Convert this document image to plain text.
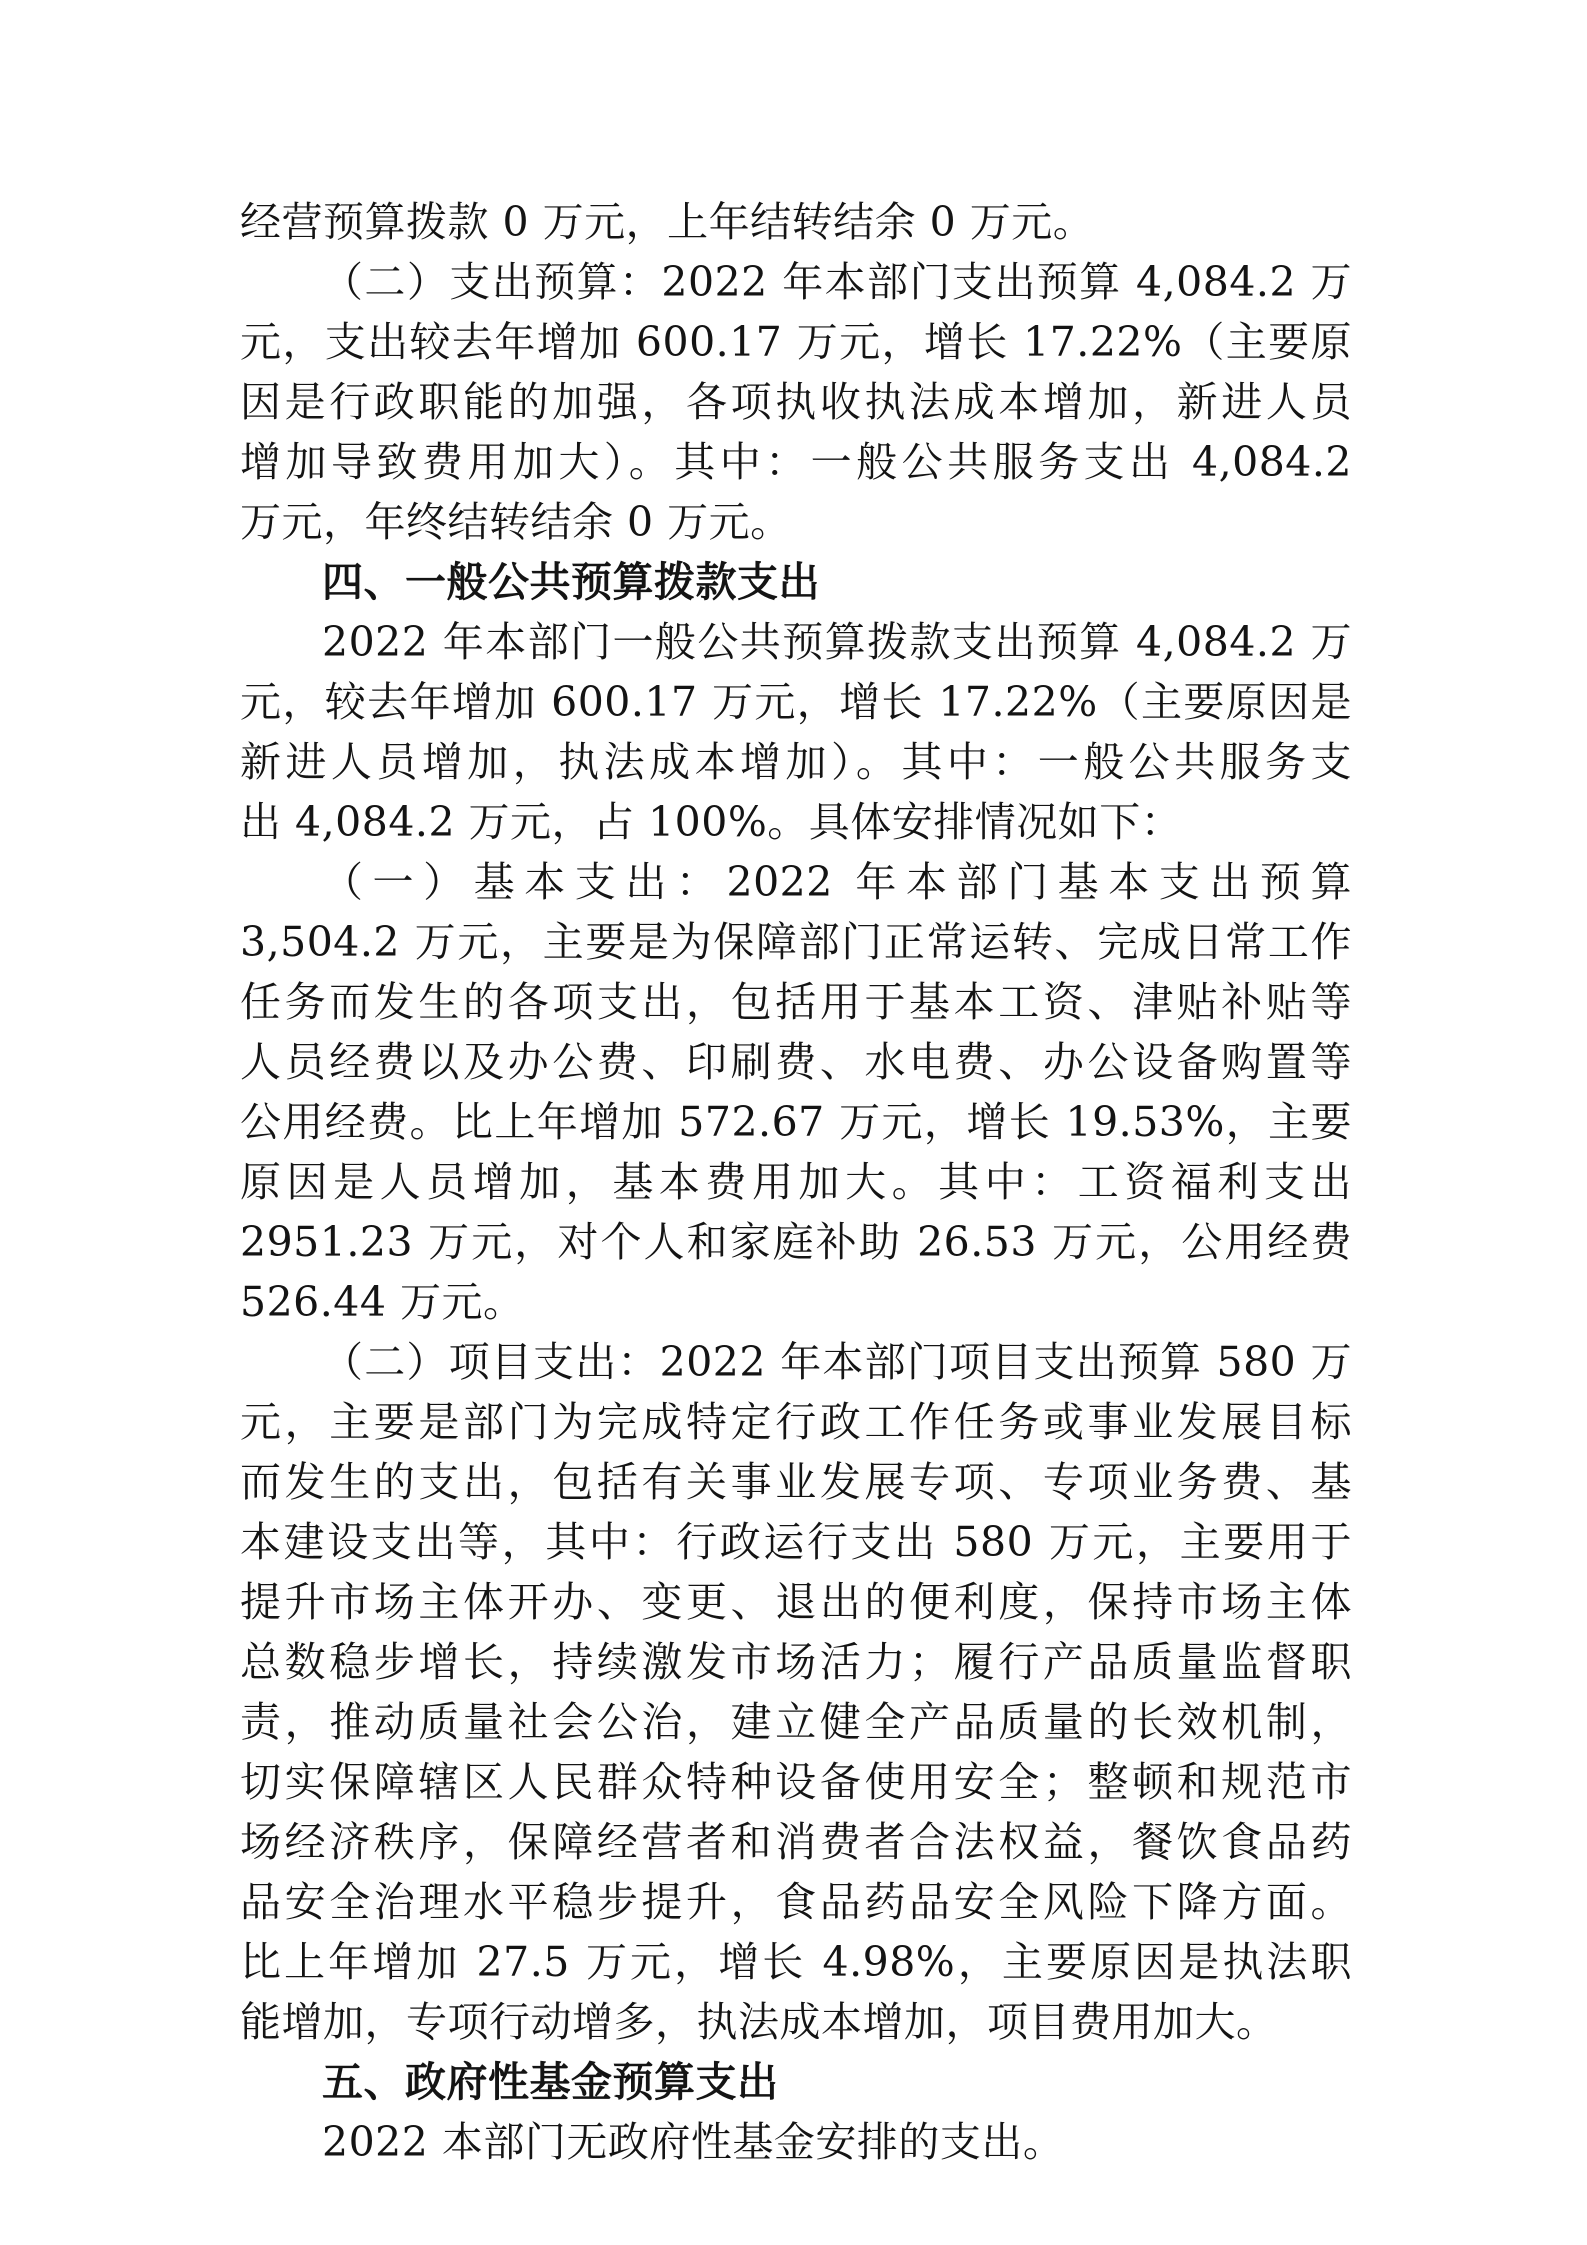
经营预算拨款 0 万元，上年结转结余 0 万元。
（二）支出预算：2022 年本部门支出预算 4,084.2 万
元，支出较去年增加 600.17 万元，增长 17.22%（主要原
因是行政职能的加强，各项执收执法成本增加，新进人员
增加导致费用加大）。其中：一般公共服务支出 4,084.2
万元，年终结转结余 0 万元。
四、一般公共预算拨款支出
2022 年本部门一般公共预算拨款支出预算 4,084.2 万
元，较去年增加 600.17 万元，增长 17.22%（主要原因是
新进人员增加，执法成本增加）。其中：一般公共服务支
出 4,084.2 万元，占 100%。具体安排情况如下：
（一）基本支出：2022 年本部门基本支出预算
3,504.2 万元，主要是为保障部门正常运转、完成日常工作
任务而发生的各项支出，包括用于基本工资、津贴补贴等
人员经费以及办公费、印刷费、水电费、办公设备购置等
公用经费。比上年增加 572.67 万元，增长 19.53%，主要
原因是人员增加，基本费用加大。其中：工资福利支出
2951.23 万元，对个人和家庭补助 26.53 万元，公用经费
526.44 万元。
（二）项目支出：2022 年本部门项目支出预算 580 万
元，主要是部门为完成特定行政工作任务或事业发展目标
而发生的支出，包括有关事业发展专项、专项业务费、基
本建设支出等，其中：行政运行支出 580 万元，主要用于
提升市场主体开办、变更、退出的便利度，保持市场主体
总数稳步增长，持续激发市场活力；履行产品质量监督职
责，推动质量社会公治，建立健全产品质量的长效机制，
切实保障辖区人民群众特种设备使用安全；整顿和规范市
场经济秩序，保障经营者和消费者合法权益，餐饮食品药
品安全治理水平稳步提升，食品药品安全风险下降方面。
比上年增加 27.5 万元，增长 4.98%，主要原因是执法职
能增加，专项行动增多，执法成本增加，项目费用加大。
五、政府性基金预算支出
2022 本部门无政府性基金安排的支出。
